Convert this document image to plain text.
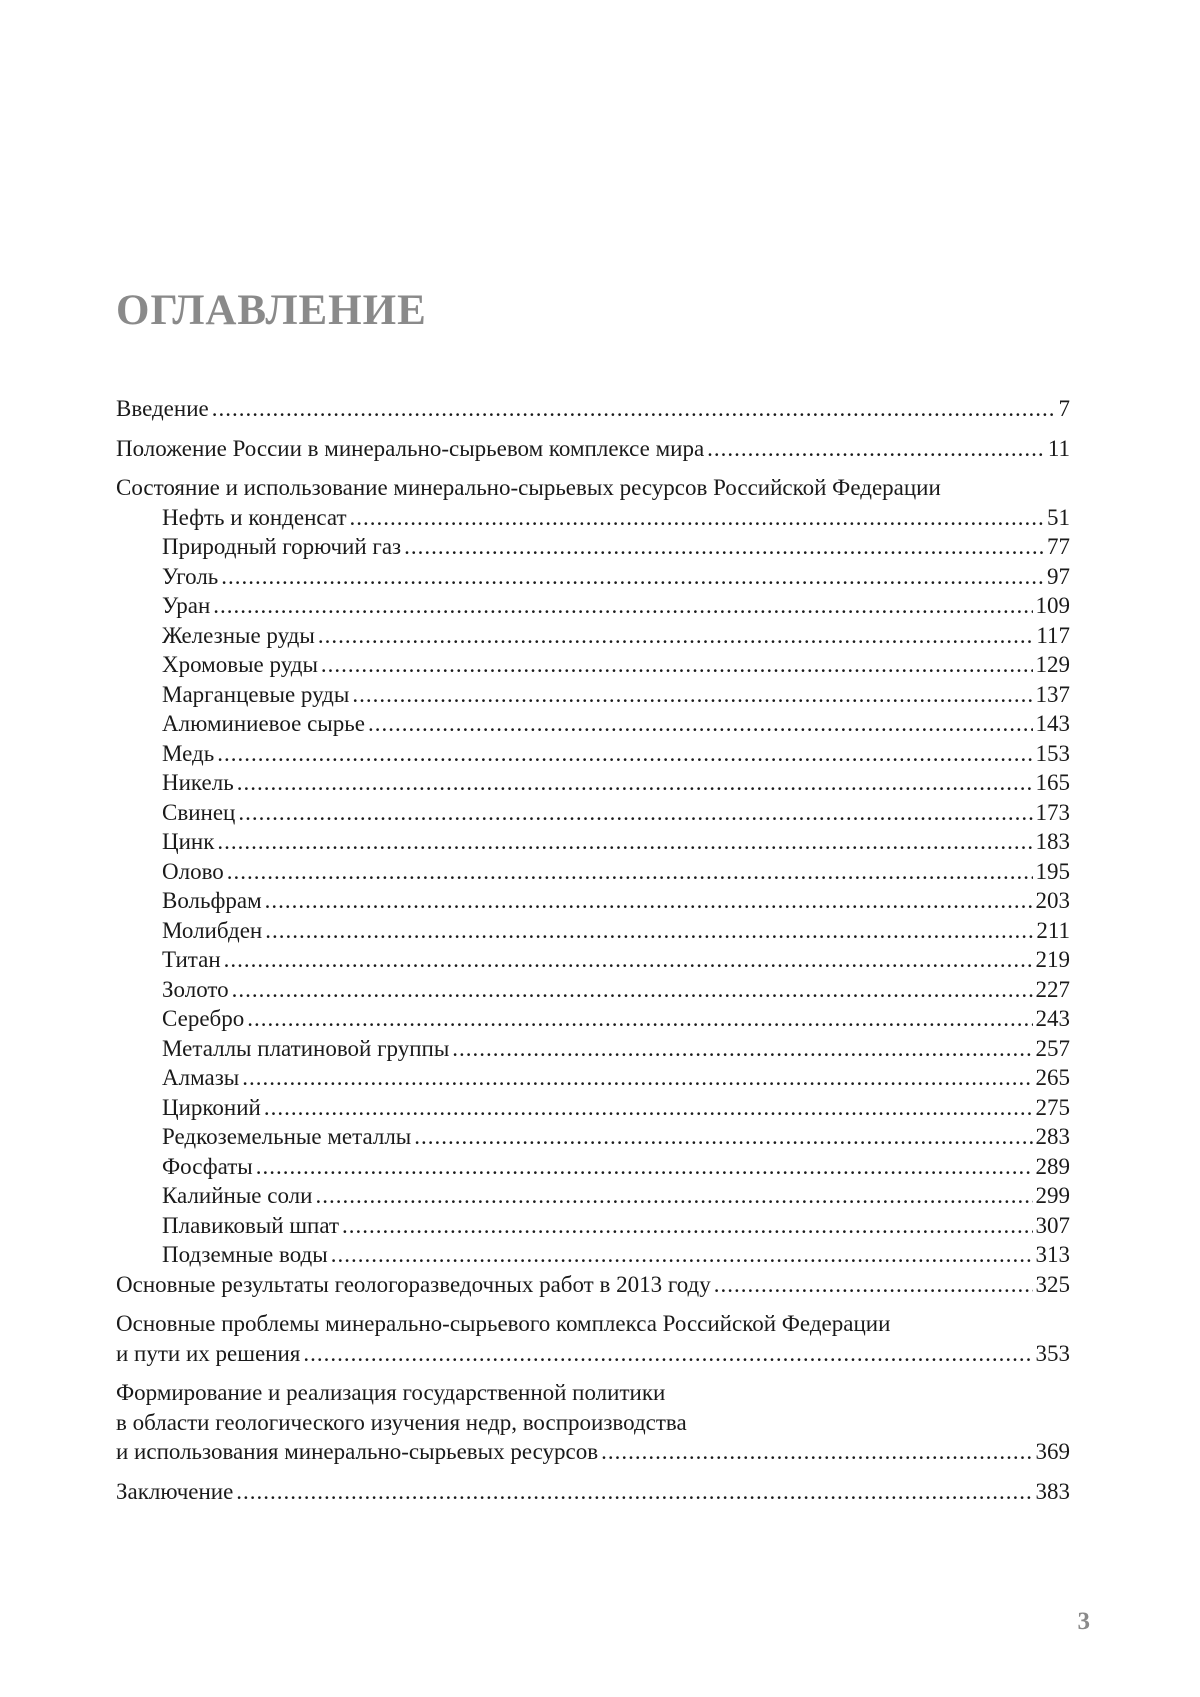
ОГЛАВЛЕНИЕ
Введение .....	7
Положение России в минерально-сырьевом комплексе мира .....	11
Состояние и использование минерально-сырьевых ресурсов Российской Федерации
Нефть и конденсат .....	51
Природный горючий газ .....	77
Уголь .....	97
Уран .....	109
Железные руды .....	117
Хромовые руды .....	129
Марганцевые руды .....	137
Алюминиевое сырье .....	143
Медь .....	153
Никель .....	165
Свинец .....	173
Цинк .....	183
Олово .....	195
Вольфрам .....	203
Молибден .....	211
Титан .....	219
Золото .....	227
Серебро .....	243
Металлы платиновой группы .....	257
Алмазы .....	265
Цирконий .....	275
Редкоземельные металлы .....	283
Фосфаты .....	289
Калийные соли .....	299
Плавиковый шпат .....	307
Подземные воды .....	313
Основные результаты геологоразведочных работ в 2013 году .....	325
Основные проблемы минерально-сырьевого комплекса Российской Федерации
и пути их решения .....	353
Формирование и реализация государственной политики
в области геологического изучения недр, воспроизводства
и использования минерально-сырьевых ресурсов .....	369
Заключение .....	383
3
